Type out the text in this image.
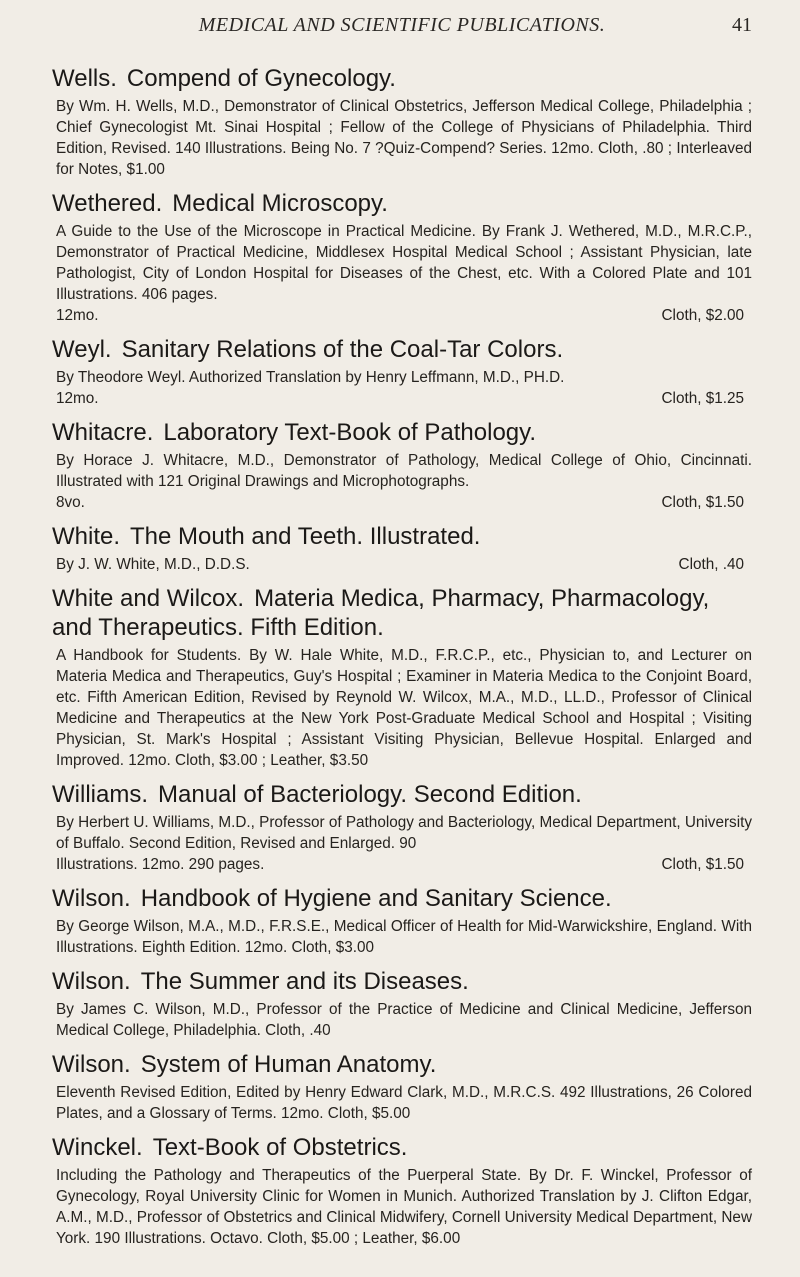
MEDICAL AND SCIENTIFIC PUBLICATIONS.	41
Wells. Compend of Gynecology.
By Wm. H. Wells, M.D., Demonstrator of Clinical Obstetrics, Jefferson Medical College, Philadelphia ; Chief Gynecologist Mt. Sinai Hospital ; Fellow of the College of Physicians of Philadelphia. Third Edition, Revised. 140 Illustrations. Being No. 7 ?Quiz-Compend? Series. 12mo. Cloth, .80 ; Interleaved for Notes, $1.00
Wethered. Medical Microscopy.
A Guide to the Use of the Microscope in Practical Medicine. By Frank J. Wethered, M.D., M.R.C.P., Demonstrator of Practical Medicine, Middlesex Hospital Medical School ; Assistant Physician, late Pathologist, City of London Hospital for Diseases of the Chest, etc. With a Colored Plate and 101 Illustrations. 406 pages.
12mo.	Cloth, $2.00
Weyl. Sanitary Relations of the Coal-Tar Colors.
By Theodore Weyl. Authorized Translation by Henry Leffmann, M.D., PH.D.
12mo.	Cloth, $1.25
Whitacre. Laboratory Text-Book of Pathology.
By Horace J. Whitacre, M.D., Demonstrator of Pathology, Medical College of Ohio, Cincinnati. Illustrated with 121 Original Drawings and Microphotographs.
8vo.	Cloth, $1.50
White. The Mouth and Teeth. Illustrated.
By J. W. White, M.D., D.D.S.	Cloth, .40
White and Wilcox. Materia Medica, Pharmacy, Pharmacology, and Therapeutics. Fifth Edition.
A Handbook for Students. By W. Hale White, M.D., F.R.C.P., etc., Physician to, and Lecturer on Materia Medica and Therapeutics, Guy's Hospital ; Examiner in Materia Medica to the Conjoint Board, etc. Fifth American Edition, Revised by Reynold W. Wilcox, M.A., M.D., LL.D., Professor of Clinical Medicine and Therapeutics at the New York Post-Graduate Medical School and Hospital ; Visiting Physician, St. Mark's Hospital ; Assistant Visiting Physician, Bellevue Hospital. Enlarged and Improved. 12mo. Cloth, $3.00 ; Leather, $3.50
Williams. Manual of Bacteriology. Second Edition.
By Herbert U. Williams, M.D., Professor of Pathology and Bacteriology, Medical Department, University of Buffalo. Second Edition, Revised and Enlarged. 90
Illustrations. 12mo. 290 pages.	Cloth, $1.50
Wilson. Handbook of Hygiene and Sanitary Science.
By George Wilson, M.A., M.D., F.R.S.E., Medical Officer of Health for Mid-Warwickshire, England. With Illustrations. Eighth Edition. 12mo. Cloth, $3.00
Wilson. The Summer and its Diseases.
By James C. Wilson, M.D., Professor of the Practice of Medicine and Clinical Medicine, Jefferson Medical College, Philadelphia. Cloth, .40
Wilson. System of Human Anatomy.
Eleventh Revised Edition, Edited by Henry Edward Clark, M.D., M.R.C.S. 492 Illustrations, 26 Colored Plates, and a Glossary of Terms. 12mo. Cloth, $5.00
Winckel. Text-Book of Obstetrics.
Including the Pathology and Therapeutics of the Puerperal State. By Dr. F. Winckel, Professor of Gynecology, Royal University Clinic for Women in Munich. Authorized Translation by J. Clifton Edgar, A.M., M.D., Professor of Obstetrics and Clinical Midwifery, Cornell University Medical Department, New York. 190 Illustrations. Octavo. Cloth, $5.00 ; Leather, $6.00
